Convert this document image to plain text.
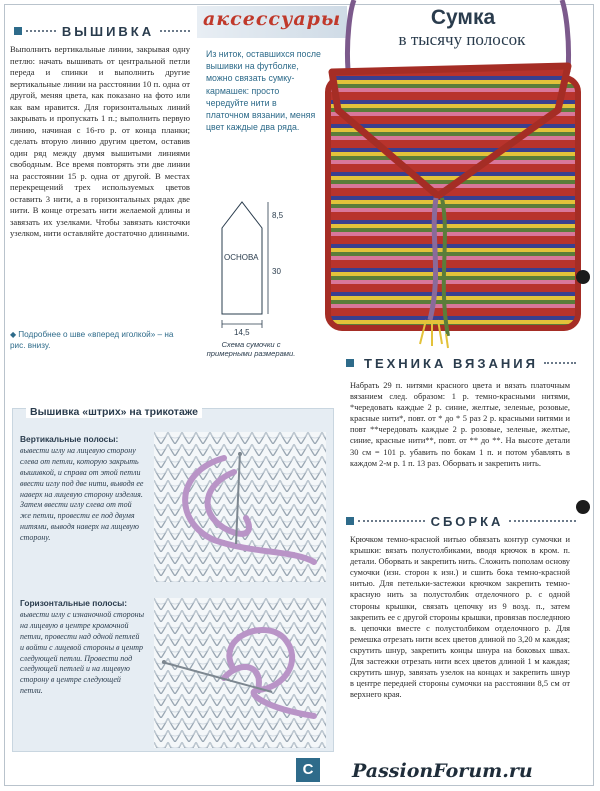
ВЫШИВКА
Выполнить вертикальные линии, закрывая одну петлю: начать вышивать от центральной петли переда и спинки и выполнить другие вертикальные линии на расстоянии 10 п. одна от другой, меняя цвета, как показано на фото или как вам нравится. Для горизонтальных линий закрывать и пропускать 1 п.; выполнить первую линию, начиная с 16-го р. от конца планки; сделать вторую линию другим цветом, оставив один ряд между двумя вышитыми линиями свободным. Все время повторять эти две линии на расстоянии 15 р. одна от другой. В местах перекрещений трех используемых цветов оставить 3 нити, а в горизонтальных рядах две нити. В конце отрезать нити желаемой длины и завязать их узелками. Чтобы завязать кисточки узелком, нити оставляйте достаточно длинными.
◆ Подробнее о шве «вперед иголкой» – на рис. внизу.
аксессуары	Сумка
в тысячу полосок
Из ниток, оставшихся после вышивки на футболке, можно связать сумку-кармашек: просто чередуйте нити в платочном вязании, меняя цвет каждые два ряда.
ОСНОВА
8,5
30
14,5
Схема сумочки с примерными размерами.
ТЕХНИКА ВЯЗАНИЯ
Набрать 29 п. нитями красного цвета и вязать платочным вязанием след. образом: 1 р. темно-красными нитями, *чередовать каждые 2 р. синие, желтые, зеленые, розовые, красные нити*, повт. от * до * 5 раз 2 р. красными нитями и повт **чередовать каждые 2 р. розовые, зеленые, желтые, синие, красные нити**, повт. от ** до **. На высоте детали 30 см = 101 р. убавить по бокам 1 п. и потом убавлять в каждом 2-м р. 1 п. 13 раз. Оборвать и закрепить нить.
СБОРКА
Крючком темно-красной нитью обвязать контур сумочки и крышки: вязать полустолбиками, вводя крючок в кром. п. детали. Оборвать и закрепить нить. Сложить пополам основу сумочки (изн. сторон к изн.) и сшить бока темно-красной нитью. Для петельки-застежки крючком закрепить темно-красную нить за полустолбик отделочного р. с одной стороны крышки, связать цепочку из 9 возд. п., затем закрепить ее с другой стороны крышки, провязав последнюю в. цепочки вместе с полустолбиком отделочного р. Для ремешка отрезать нити всех цветов длиной по 3,20 м каждая; скрутить шнур, закрепить концы шнура на боковых швах. Для застежки отрезать нити всех цветов длиной 1 м каждая; скрутить шнур, завязать узелок на концах и закрепить шнур в центре передней стороны сумочки на расстоянии 8,5 см от верхнего края.
Вышивка «штрих» на трикотаже
Вертикальные полосы: вывести иглу на лицевую сторону слева от петли, которую закрыть вышивкой, и справа от этой петли ввести иглу под две нити, выводя ее наверх на лицевую сторону изделия. Затем ввести иглу слева от той же петли, провести ее под двумя нитями, выводя наверх на лицевую сторону.
Горизонтальные полосы: вывести иглу с изнаночной стороны на лицевую в центре кромочной петли, провести над одной петлей и войти с лицевой стороны в центр следующей петли. Провести под следующей петлей и на лицевую сторону в центре следующей петли.
С	PassionForum.ru
